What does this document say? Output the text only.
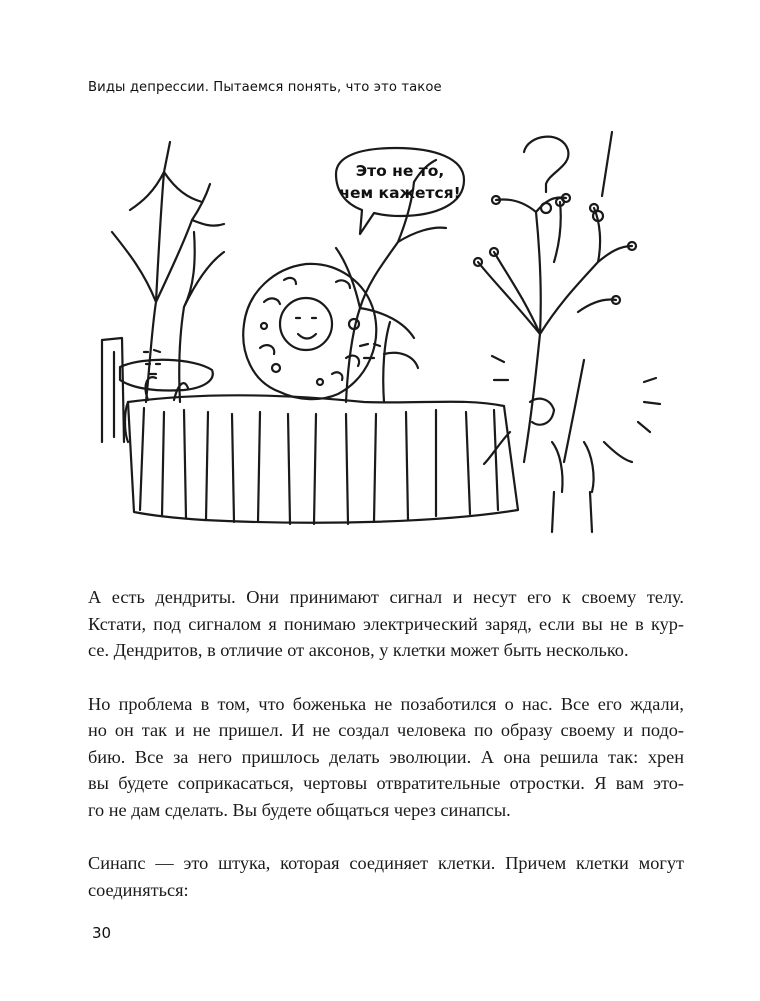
Виды депрессии. Пытаемся понять, что это такое
Это не то,
чем кажется!

А есть дендриты. Они принимают сигнал и несут его к своему телу.
Кстати, под сигналом я понимаю электрический заряд, если вы не в кур-
се. Дендритов, в отличие от аксонов, у клетки может быть несколько.

Но проблема в том, что боженька не позаботился о нас. Все его ждали,
но он так и не пришел. И не создал человека по образу своему и подо-
бию. Все за него пришлось делать эволюции. А она решила так: хрен
вы будете соприкасаться, чертовы отвратительные отростки. Я вам это-
го не дам сделать. Вы будете общаться через синапсы.

Синапс — это штука, которая соединяет клетки. Причем клетки могут
соединяться:

30
